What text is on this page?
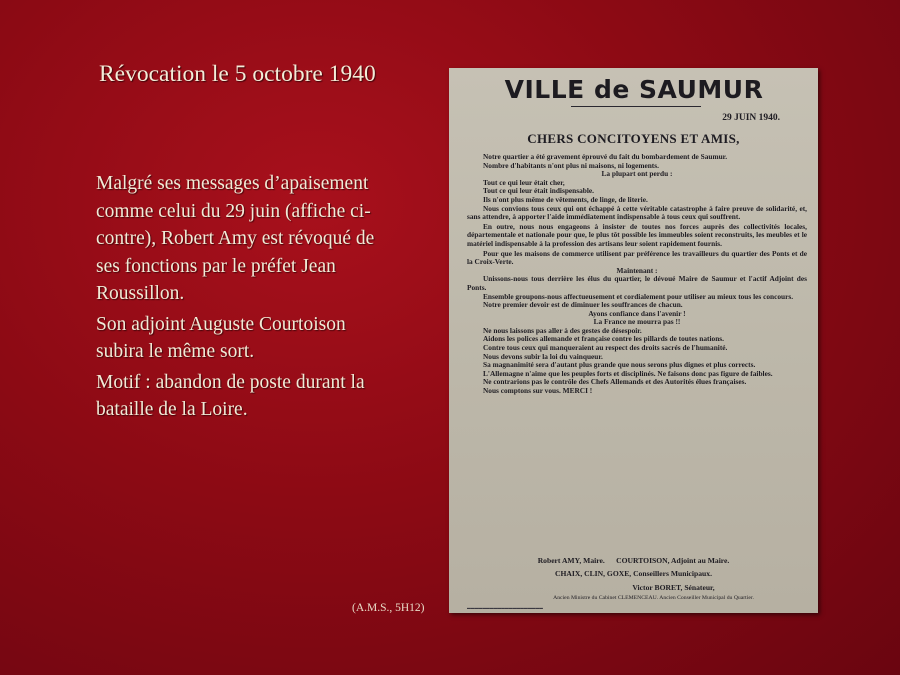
Révocation le 5 octobre 1940

Malgré ses messages d’apaisement comme celui du 29 juin (affiche ci-contre), Robert Amy est révoqué de ses fonctions par le préfet Jean Roussillon.

Son adjoint Auguste Courtoison subira le même sort.

Motif : abandon de poste durant la bataille de la Loire.

(A.M.S., 5H12)
VILLE de SAUMUR
29 JUIN 1940.
CHERS CONCITOYENS ET AMIS,
Notre quartier a été gravement éprouvé du fait du bombardement de Saumur.
Nombre d'habitants n'ont plus ni maisons, ni logements.
La plupart ont perdu :
Tout ce qui leur était cher,
Tout ce qui leur était indispensable.
Ils n'ont plus même de vêtements, de linge, de literie.
Nous convions tous ceux qui ont échappé à cette véritable catastrophe à faire preuve de solidarité, et, sans attendre, à apporter l'aide immédiatement indispensable à tous ceux qui souffrent.
En outre, nous nous engageons à insister de toutes nos forces auprès des collectivités locales, départementale et nationale pour que, le plus tôt possible les immeubles soient reconstruits, les meubles et le matériel indispensable à la profession des artisans leur soient rapidement fournis.
Pour que les maisons de commerce utilisent par préférence les travailleurs du quartier des Ponts et de la Croix-Verte.
Maintenant :
Unissons-nous tous derrière les élus du quartier, le dévoué Maire de Saumur et l'actif Adjoint des Ponts.
Ensemble groupons-nous affectueusement et cordialement pour utiliser au mieux tous les concours.
Notre premier devoir est de diminuer les souffrances de chacun.
Ayons confiance dans l'avenir !
La France ne mourra pas !!
Ne nous laissons pas aller à des gestes de désespoir.
Aidons les polices allemande et française contre les pillards de toutes nations.
Contre tous ceux qui manqueraient au respect des droits sacrés de l'humanité.
Nous devons subir la loi du vainqueur.
Sa magnanimité sera d'autant plus grande que nous serons plus dignes et plus corrects.
L'Allemagne n'aime que les peuples forts et disciplinés. Ne faisons donc pas figure de faibles.
Ne contrarions pas le contrôle des Chefs Allemands et des Autorités élues françaises.
Nous comptons sur vous. MERCI !
Robert AMY, Maire.      COURTOISON, Adjoint au Maire.
CHAIX, CLIN, GOXE, Conseillers Municipaux.
Victor BORET, Sénateur,
Ancien Ministre du Cabinet CLEMENCEAU. Ancien Conseiller Municipal du Quartier.
▬▬▬▬▬▬▬▬▬▬▬▬▬▬▬▬▬▬▬▬
